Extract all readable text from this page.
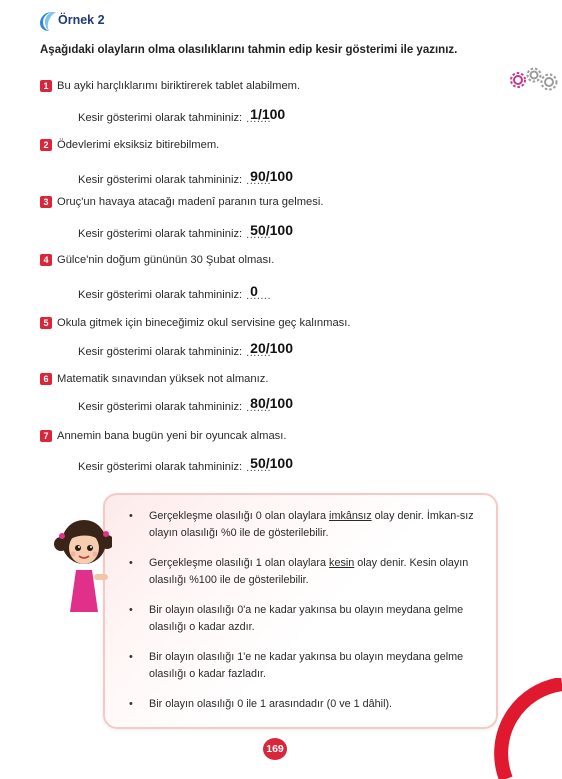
Örnek 2
Aşağıdaki olayların olma olasılıklarını tahmin edip kesir gösterimi ile yazınız.
1 Bu ayki harçlıklarımı biriktirerek tablet alabilmem.
Kesir gösterimi olarak tahmininiz: 1/100 .......
2 Ödevlerimi eksiksiz bitirebilmem.
Kesir gösterimi olarak tahmininiz: 90/100 .......
3 Oruç'un havaya atacağı madenî paranın tura gelmesi.
Kesir gösterimi olarak tahmininiz: 50/100 .......
4 Gülce'nin doğum gününün 30 Şubat olması.
Kesir gösterimi olarak tahmininiz: 0 .......
5 Okula gitmek için bineceğimiz okul servisine geç kalınması.
Kesir gösterimi olarak tahmininiz: 20/100 .......
6 Matematik sınavından yüksek not almanız.
Kesir gösterimi olarak tahmininiz: 80/100 .......
7 Annemin bana bugün yeni bir oyuncak alması.
Kesir gösterimi olarak tahmininiz: 50/100 .......
• Gerçekleşme olasılığı 0 olan olaylara imkânsız olay denir. İmkan-sız olayın olasılığı %0 ile de gösterilebilir.
• Gerçekleşme olasılığı 1 olan olaylara kesin olay denir. Kesin olayın olasılığı %100 ile de gösterilebilir.
• Bir olayın olasılığı 0'a ne kadar yakınsa bu olayın meydana gelme olasılığı o kadar azdır.
• Bir olayın olasılığı 1'e ne kadar yakınsa bu olayın meydana gelme olasılığı o kadar fazladır.
• Bir olayın olasılığı 0 ile 1 arasındadır (0 ve 1 dâhil).
169
